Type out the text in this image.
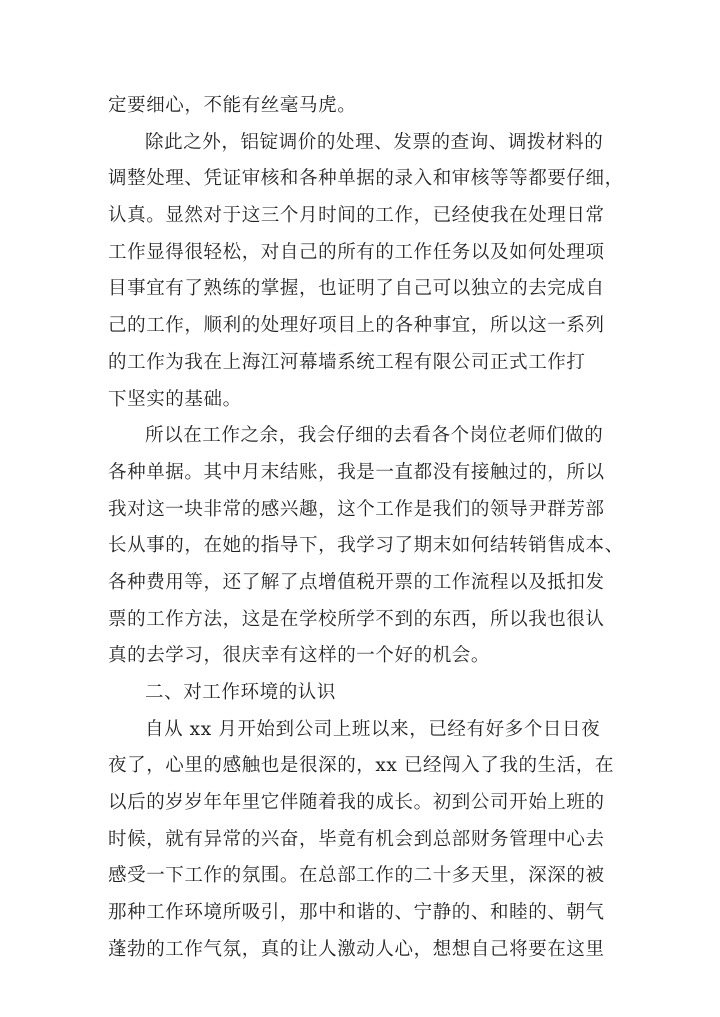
定要细心，不能有丝毫马虎。
除此之外，铝锭调价的处理、发票的查询、调拨材料的
调整处理、凭证审核和各种单据的录入和审核等等都要仔细，
认真。显然对于这三个月时间的工作，已经使我在处理日常
工作显得很轻松，对自己的所有的工作任务以及如何处理项
目事宜有了熟练的掌握，也证明了自己可以独立的去完成自
己的工作，顺利的处理好项目上的各种事宜，所以这一系列
的工作为我在上海江河幕墙系统工程有限公司正式工作打
下坚实的基础。
所以在工作之余，我会仔细的去看各个岗位老师们做的
各种单据。其中月末结账，我是一直都没有接触过的，所以
我对这一块非常的感兴趣，这个工作是我们的领导尹群芳部
长从事的，在她的指导下，我学习了期末如何结转销售成本、
各种费用等，还了解了点增值税开票的工作流程以及抵扣发
票的工作方法，这是在学校所学不到的东西，所以我也很认
真的去学习，很庆幸有这样的一个好的机会。
二、对工作环境的认识
自从 xx 月开始到公司上班以来，已经有好多个日日夜
夜了，心里的感触也是很深的，xx 已经闯入了我的生活，在
以后的岁岁年年里它伴随着我的成长。初到公司开始上班的
时候，就有异常的兴奋，毕竟有机会到总部财务管理中心去
感受一下工作的氛围。在总部工作的二十多天里，深深的被
那种工作环境所吸引，那中和谐的、宁静的、和睦的、朝气
蓬勃的工作气氛，真的让人激动人心，想想自己将要在这里
